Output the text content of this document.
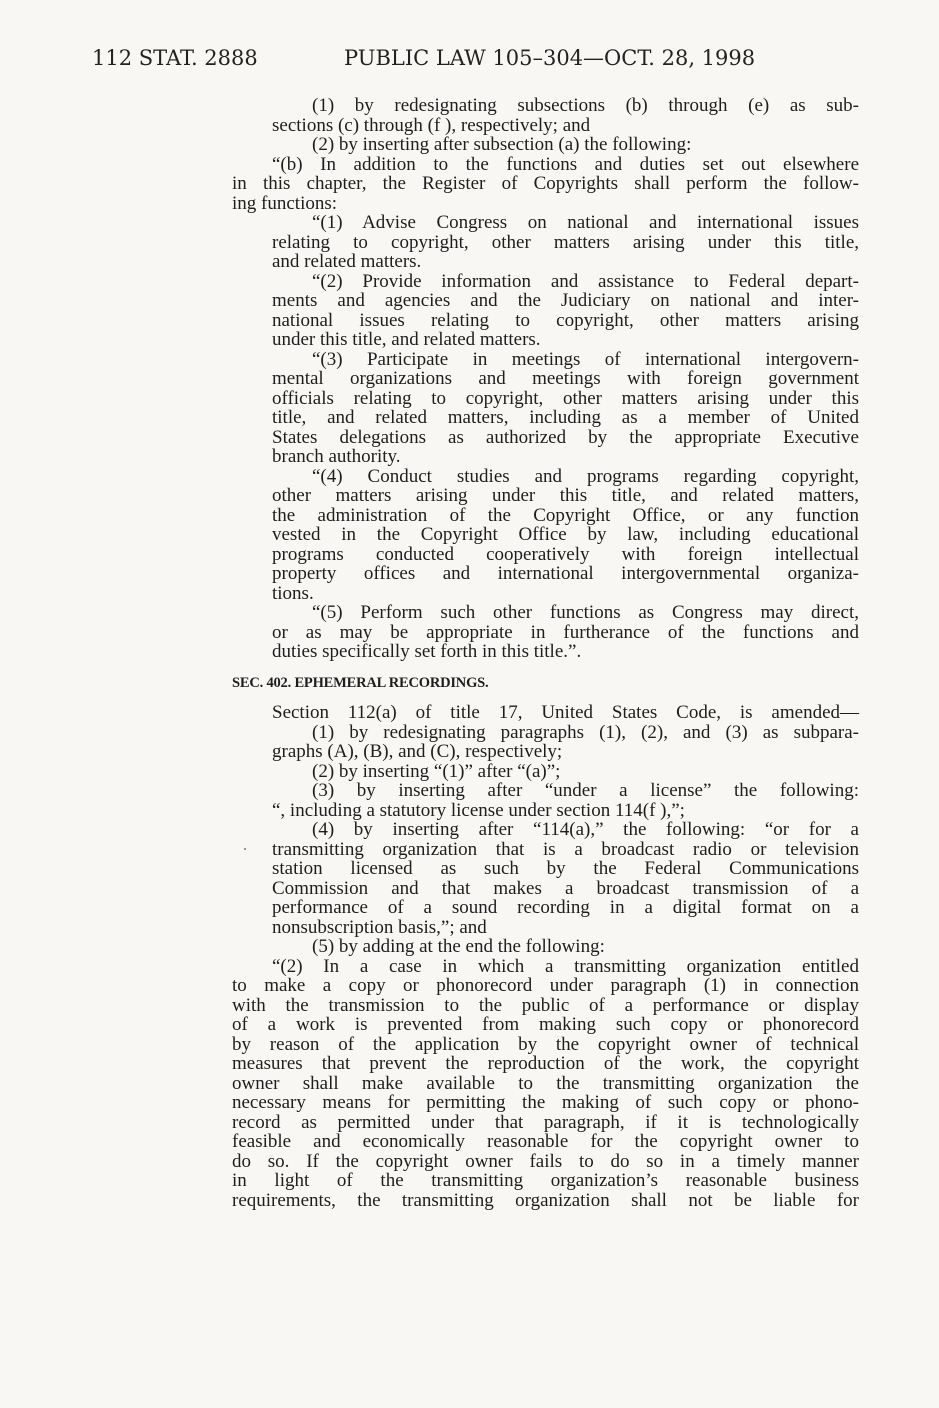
112 STAT. 2888	PUBLIC LAW 105–304—OCT. 28, 1998
(1) by redesignating subsections (b) through (e) as sub-
sections (c) through (f ), respectively; and
(2) by inserting after subsection (a) the following:
“(b) In addition to the functions and duties set out elsewhere
in this chapter, the Register of Copyrights shall perform the follow-
ing functions:
“(1) Advise Congress on national and international issues
relating to copyright, other matters arising under this title,
and related matters.
“(2) Provide information and assistance to Federal depart-
ments and agencies and the Judiciary on national and inter-
national issues relating to copyright, other matters arising
under this title, and related matters.
“(3) Participate in meetings of international intergovern-
mental organizations and meetings with foreign government
officials relating to copyright, other matters arising under this
title, and related matters, including as a member of United
States delegations as authorized by the appropriate Executive
branch authority.
“(4) Conduct studies and programs regarding copyright,
other matters arising under this title, and related matters,
the administration of the Copyright Office, or any function
vested in the Copyright Office by law, including educational
programs conducted cooperatively with foreign intellectual
property offices and international intergovernmental organiza-
tions.
“(5) Perform such other functions as Congress may direct,
or as may be appropriate in furtherance of the functions and
duties specifically set forth in this title.”.
SEC. 402. EPHEMERAL RECORDINGS.
Section 112(a) of title 17, United States Code, is amended—
(1) by redesignating paragraphs (1), (2), and (3) as subpara-
graphs (A), (B), and (C), respectively;
(2) by inserting “(1)” after “(a)”;
(3) by inserting after “under a license” the following:
“, including a statutory license under section 114(f ),”;
(4) by inserting after “114(a),” the following: “or for a
transmitting organization that is a broadcast radio or television
station licensed as such by the Federal Communications
Commission and that makes a broadcast transmission of a
performance of a sound recording in a digital format on a
nonsubscription basis,”; and
(5) by adding at the end the following:
“(2) In a case in which a transmitting organization entitled
to make a copy or phonorecord under paragraph (1) in connection
with the transmission to the public of a performance or display
of a work is prevented from making such copy or phonorecord
by reason of the application by the copyright owner of technical
measures that prevent the reproduction of the work, the copyright
owner shall make available to the transmitting organization the
necessary means for permitting the making of such copy or phono-
record as permitted under that paragraph, if it is technologically
feasible and economically reasonable for the copyright owner to
do so. If the copyright owner fails to do so in a timely manner
in light of the transmitting organization’s reasonable business
requirements, the transmitting organization shall not be liable for
